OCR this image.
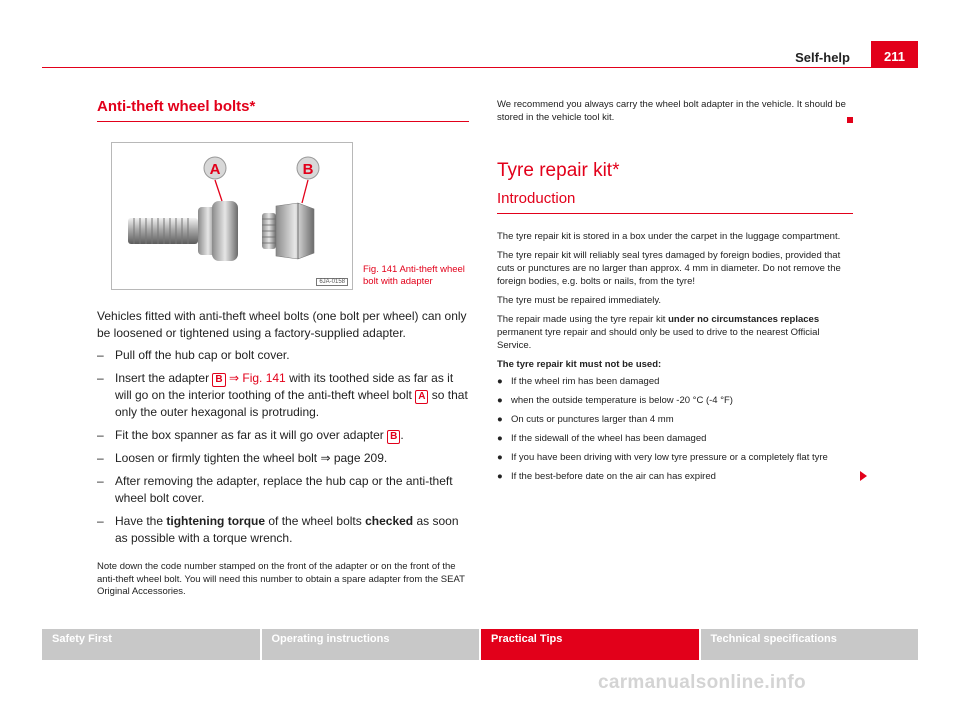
Self-help	211
Anti-theft wheel bolts*
A	B
6JA-0158
Fig. 141 Anti-theft wheel bolt with adapter

Vehicles fitted with anti-theft wheel bolts (one bolt per wheel) can only be loosened or tightened using a factory-supplied adapter.

– Pull off the hub cap or bolt cover.
– Insert the adapter B ⇒ Fig. 141 with its toothed side as far as it will go on the interior toothing of the anti-theft wheel bolt A so that only the outer hexagonal is protruding.
– Fit the box spanner as far as it will go over adapter B .
– Loosen or firmly tighten the wheel bolt ⇒ page 209.
– After removing the adapter, replace the hub cap or the anti-theft wheel bolt cover.
– Have the tightening torque of the wheel bolts checked as soon as possible with a torque wrench.

Note down the code number stamped on the front of the adapter or on the front of the anti-theft wheel bolt. You will need this number to obtain a spare adapter from the SEAT Original Accessories.

We recommend you always carry the wheel bolt adapter in the vehicle. It should be stored in the vehicle tool kit.

Tyre repair kit*
Introduction

The tyre repair kit is stored in a box under the carpet in the luggage compartment.

The tyre repair kit will reliably seal tyres damaged by foreign bodies, provided that cuts or punctures are no larger than approx. 4 mm in diameter. Do not remove the foreign bodies, e.g. bolts or nails, from the tyre!

The tyre must be repaired immediately.

The repair made using the tyre repair kit under no circumstances replaces permanent tyre repair and should only be used to drive to the nearest Official Service.

The tyre repair kit must not be used:

● If the wheel rim has been damaged
● when the outside temperature is below -20 °C (-4 °F)
● On cuts or punctures larger than 4 mm
● If the sidewall of the wheel has been damaged
● If you have been driving with very low tyre pressure or a completely flat tyre
● If the best-before date on the air can has expired
Safety First	Operating instructions	Practical Tips	Technical specifications
carmanualsonline.info
